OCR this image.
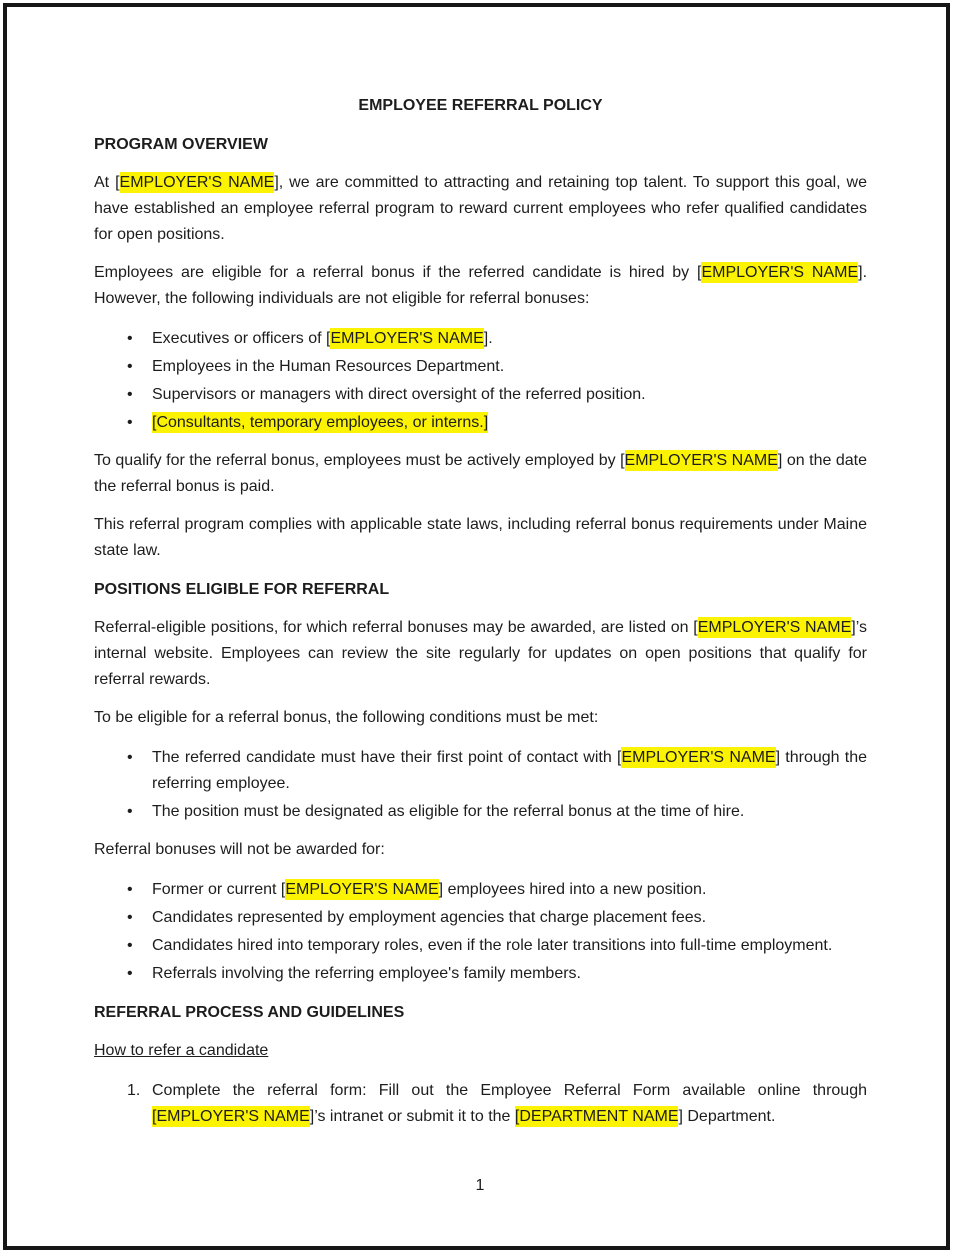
EMPLOYEE REFERRAL POLICY
PROGRAM OVERVIEW

At [EMPLOYER'S NAME], we are committed to attracting and retaining top talent. To support this goal, we have established an employee referral program to reward current employees who refer qualified candidates for open positions.

Employees are eligible for a referral bonus if the referred candidate is hired by [EMPLOYER'S NAME]. However, the following individuals are not eligible for referral bonuses:

•	Executives or officers of [EMPLOYER'S NAME].
•	Employees in the Human Resources Department.
•	Supervisors or managers with direct oversight of the referred position.
•	[Consultants, temporary employees, or interns.]

To qualify for the referral bonus, employees must be actively employed by [EMPLOYER'S NAME] on the date the referral bonus is paid.

This referral program complies with applicable state laws, including referral bonus requirements under Maine state law.

POSITIONS ELIGIBLE FOR REFERRAL

Referral-eligible positions, for which referral bonuses may be awarded, are listed on [EMPLOYER'S NAME]’s internal website. Employees can review the site regularly for updates on open positions that qualify for referral rewards.

To be eligible for a referral bonus, the following conditions must be met:

•	The referred candidate must have their first point of contact with [EMPLOYER'S NAME] through the referring employee.
•	The position must be designated as eligible for the referral bonus at the time of hire.

Referral bonuses will not be awarded for:

•	Former or current [EMPLOYER'S NAME] employees hired into a new position.
•	Candidates represented by employment agencies that charge placement fees.
•	Candidates hired into temporary roles, even if the role later transitions into full-time employment.
•	Referrals involving the referring employee's family members.
REFERRAL PROCESS AND GUIDELINES
How to refer a candidate
1. Complete the referral form: Fill out the Employee Referral Form available online through [EMPLOYER'S NAME]’s intranet or submit it to the [DEPARTMENT NAME] Department.
1
